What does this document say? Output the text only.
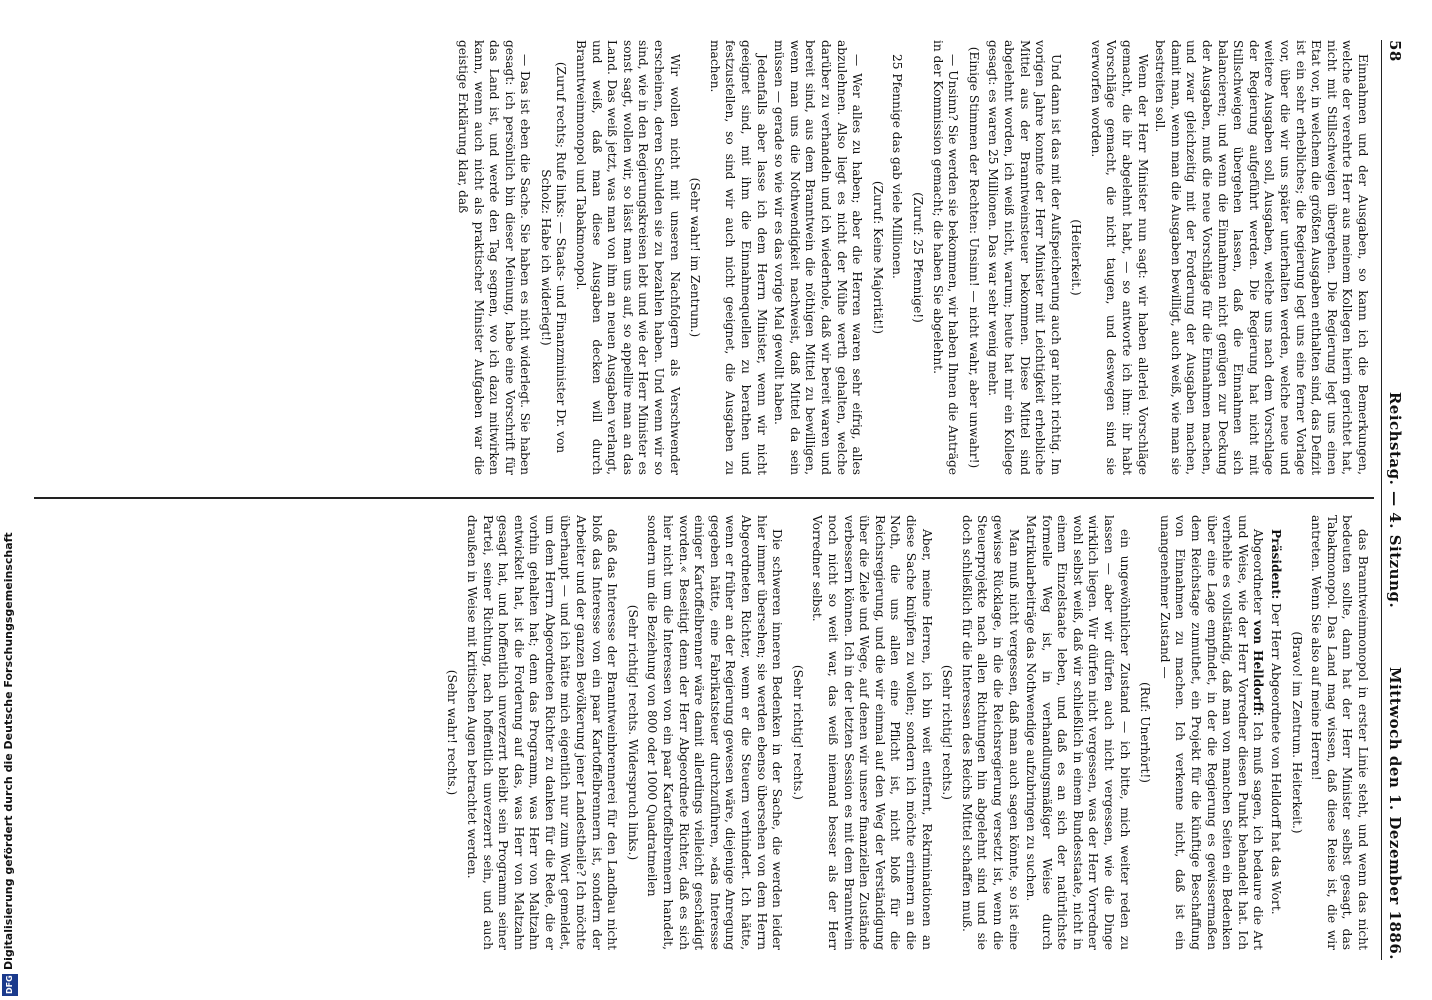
58
Reichstag. — 4. Sitzung.
Mittwoch den 1. Dezember 1886.

Einnahmen und der Ausgaben, so kann ich die Bemerkungen, welche der verehrte Herr aus meinem Kollegen hierin gerichtet hat, nicht mit Stillschweigen übergehen. Die Regierung legt uns einen Etat vor, in welchem die größten Ausgaben enthalten sind, das Defizit ist ein sehr erhebliches; die Regierung legt uns eine ferner Vorlage vor, über die wir uns später unterhalten werden, welche neue und weitere Ausgaben soll, Ausgaben, welche uns nach dem Vorschlage der Regierung aufgeführt werden. Die Regierung hat nicht mit Stillschweigen übergehen lassen, daß die Einnahmen sich balancieren; und wenn die Einnahmen nicht genügen zur Deckung der Ausgaben, muß die neue Vorschläge für die Einnahmen machen, und zwar gleichzeitig mit der Forderung der Ausgaben machen, damit man, wenn man die Ausgaben bewilligt, auch weiß, wie man sie bestreiten soll.

Wenn der Herr Minister nun sagt: wir haben allerlei Vorschläge gemacht, die ihr abgelehnt habt, — so antworte ich ihm: ihr habt Vorschläge gemacht, die nicht taugen, und deswegen sind sie verworfen worden.

(Heiterkeit.)

Und dann ist das mit der Aufspeicherung auch gar nicht richtig. Im vorigen Jahre konnte der Herr Minister mit Leichtigkeit erhebliche Mittel aus der Branntweinsteuer bekommen. Diese Mittel sind abgelehnt worden, ich weiß nicht, warum; heute hat mir ein Kollege gesagt: es waren 25 Millionen. Das war sehr wenig mehr.

(Einige Stimmen der Rechten: Unsinn! — nicht wahr, aber unwahr!)

— Unsinn? Sie werden sie bekommen, wir haben Ihnen die Anträge in der Kommission gemacht; die haben Sie abgelehnt.

(Zuruf: 25 Pfennige!)

25 Pfennige das gab viele Millionen.

(Zuruf: Keine Majorität!)

— Wer alles zu haben; aber die Herren waren sehr eifrig, alles abzulehnen. Also liegt es nicht der Mühe werth gehalten, welche darüber zu verhandeln und ich wiederhole, daß wir bereit waren und bereit sind, aus dem Branntwein die nöthigen Mittel zu bewilligen, wenn man uns die Nothwendigkeit nachweist, daß Mittel da sein müssen — gerade so wie wir es das vorige Mal gewollt haben.

Jedenfalls aber lasse ich dem Herrn Minister, wenn wir nicht geeignet sind, mit ihm die Einnahmequellen zu berathen und festzustellen, so sind wir auch nicht geeignet, die Ausgaben zu machen.

(Sehr wahr! im Zentrum.)

Wir wollen nicht mit unseren Nachfolgern als Verschwender erscheinen, deren Schulden sie zu bezahlen haben. Und wenn wir so sind, wie in den Regierungskreisen lebt und wie der Herr Minister es sonst sagt, wollen wir, so lässt man uns auf, so appellire man an das Land. Das weiß jetzt, was man von ihm an neuen Ausgaben verlangt, und weiß, daß man diese Ausgaben decken will durch Branntweinmonopol und Tabakmonopol.

(Zuruf rechts; Rufe links: — Staats- und Finanzminister Dr. von Scholz: Habe ich widerlegt!)

— Das ist eben die Sache. Sie haben es nicht widerlegt. Sie haben gesagt: ich persönlich bin dieser Meinung, habe eine Vorschrift für das Land ist, und werde den Tag segnen, wo ich dazu mitwirken kann, wenn auch nicht als praktischer Minister Aufgaben war die geistige Erklärung klar, daß

das Branntweinmonopol in erster Linie steht, und wenn das nicht bedeuten sollte, dann hat der Herr Minister selbst gesagt, das Tabakmonopol. Das Land mag wissen, daß diese Reise ist, die wir antreten. Wenn Sie also auf meine Herren!

(Bravo! im Zentrum. Heiterkeit.)

Präsident: Der Herr Abgeordnete von Helldorff hat das Wort.

Abgeordneter von Helldorff: Ich muß sagen, ich bedaure die Art und Weise, wie der Herr Vorredner diesen Punkt behandelt hat. Ich verhehle es vollständig, daß man von manchen Seiten ein Bedenken über eine Lage empfindet, in der die Regierung es gewissermaßen dem Reichstage zumuthet, ein Projekt für die künftige Beschaffung von Einnahmen zu machen. Ich verkenne nicht, daß ist ein unangenehmer Zustand —

(Ruf: Unerhört!)

ein ungewöhnlicher Zustand — ich bitte, mich weiter reden zu lassen — aber wir dürfen auch nicht vergessen, wie die Dinge wirklich liegen. Wir dürfen nicht vergessen, was der Herr Vorredner wohl selbst weiß, daß wir schließlich in einem Bundesstaate, nicht in einem Einzelstaate leben, und daß es an sich der natürlichste formelle Weg ist, in verhandlungsmäßiger Weise durch Matrikularbeiträge das Nothwendige aufzubringen zu suchen.

Man muß nicht vergessen, daß man auch sagen könnte, so ist eine gewisse Rücklage, in die die Reichsregierung versetzt ist, wenn die Steuerprojekte nach allen Richtungen hin abgelehnt sind und sie doch schließlich für die Interessen des Reichs Mittel schaffen muß.

(Sehr richtig! rechts.)

Aber, meine Herren, ich bin weit entfernt, Rekriminationen an diese Sache knüpfen zu wollen; sondern ich möchte erinnern an die Noth, die uns allen eine Pflicht ist, nicht bloß für die Reichsregierung, und die wir einmal auf den Weg der Verständigung über die Ziele und Wege, auf denen wir unsere finanziellen Zustände verbessern können. Ich in der letzten Session es mit dem Branntwein noch nicht so weit war, das weiß niemand besser als der Herr Vorredner selbst.

(Sehr richtig! rechts.)

Die schweren inneren Bedenken in der Sache, die werden leider hier immer übersehen; sie werden ebenso übersehen von dem Herrn Abgeordneten Richter, wenn er die Steuern verhindert. Ich hätte, wenn er früher an der Regierung gewesen wäre, diejenige Anregung gegeben hätte, eine Fabrikatsteuer durchzuführen, »das Interesse einiger Kartoffelbrenner wäre damit allerdings vielleicht geschädigt worden.« Beseitigt denn der Herr Abgeordnete Richter, daß es sich hier nicht um die Interessen von ein paar Kartoffelbrennern handelt, sondern um die Beziehung von 800 oder 1000 Quadratmeilen

(Sehr richtig! rechts. Widerspruch links.)

daß das Interesse der Branntweinbrennerei für den Landbau nicht bloß das Interesse von ein paar Kartoffelbrennern ist, sondern der Arbeiter und der ganzen Bevölkerung jener Landestheile? Ich möchte überhaupt — und ich hätte mich eigentlich nur zum Wort gemeldet, um dem Herrn Abgeordneten Richter zu danken für die Rede, die er vorhin gehalten hat; denn das Programm, was Herr von Maltzahn entwickelt hat, ist die Forderung auf das, was Herr von Maltzahn gesagt hat, und hoffentlich unverzerrt bleibt sein Programm seiner Partei, seiner Richtung, nach hoffentlich unverzerrt sein, und auch draußen in Weise mit kritischen Augen betrachtet werden.

(Sehr wahr! rechts.)

Digitalisierung gefördert durch die Deutsche Forschungsgemeinschaft
DFG
